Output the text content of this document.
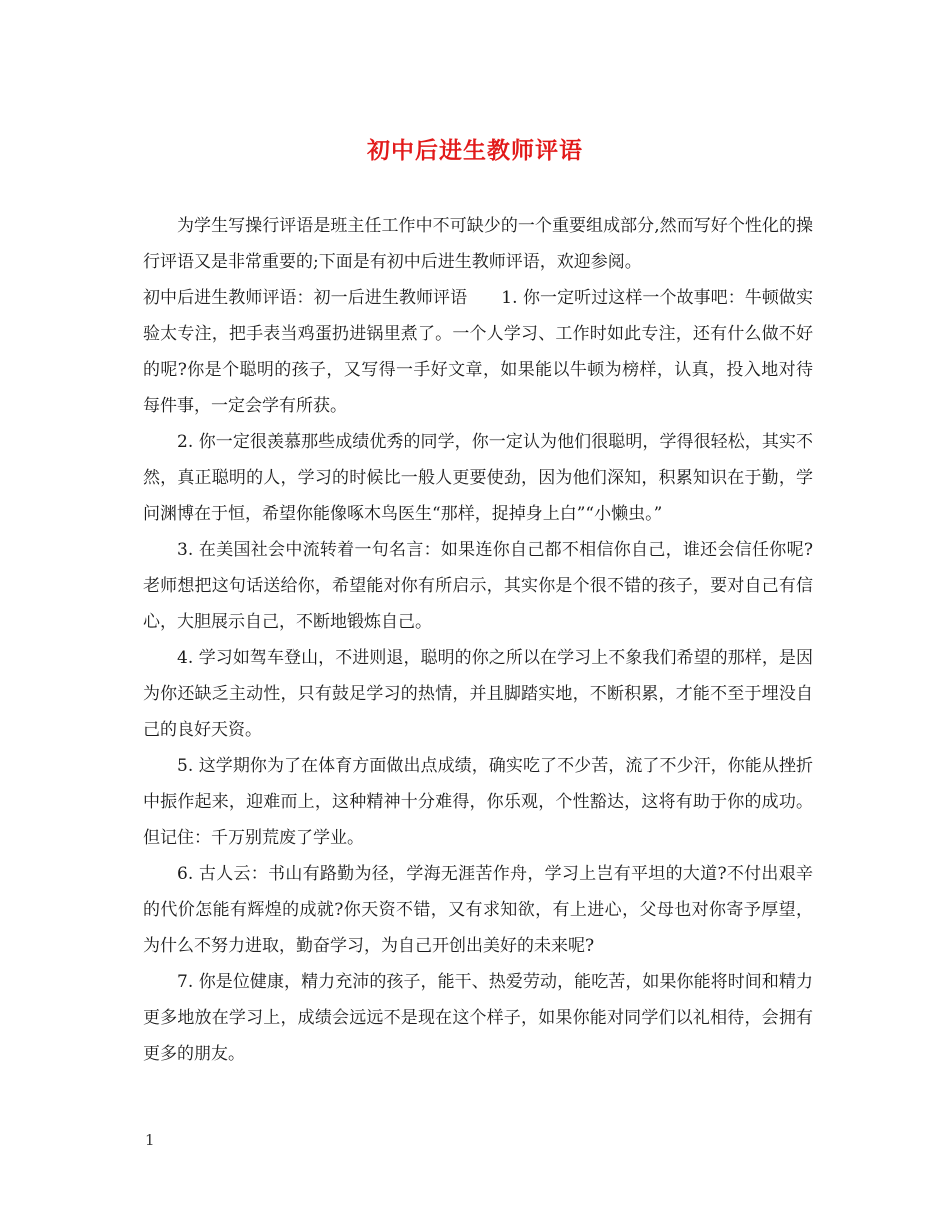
初中后进生教师评语

为学生写操行评语是班主任工作中不可缺少的一个重要组成部分,然而写好个性化的操行评语又是非常重要的;下面是有初中后进生教师评语，欢迎参阅。

初中后进生教师评语：初一后进生教师评语　　1. 你一定听过这样一个故事吧：牛顿做实验太专注，把手表当鸡蛋扔进锅里煮了。一个人学习、工作时如此专注，还有什么做不好的呢?你是个聪明的孩子，又写得一手好文章，如果能以牛顿为榜样，认真，投入地对待每件事，一定会学有所获。

2. 你一定很羡慕那些成绩优秀的同学，你一定认为他们很聪明，学得很轻松，其实不然，真正聪明的人，学习的时候比一般人更要使劲，因为他们深知，积累知识在于勤，学问渊博在于恒，希望你能像啄木鸟医生“那样，捉掉身上白”“小懒虫。”

3. 在美国社会中流转着一句名言：如果连你自己都不相信你自己，谁还会信任你呢?老师想把这句话送给你，希望能对你有所启示，其实你是个很不错的孩子，要对自己有信心，大胆展示自己，不断地锻炼自己。

4. 学习如驾车登山，不进则退，聪明的你之所以在学习上不象我们希望的那样，是因为你还缺乏主动性，只有鼓足学习的热情，并且脚踏实地，不断积累，才能不至于埋没自己的良好天资。

5. 这学期你为了在体育方面做出点成绩，确实吃了不少苦，流了不少汗，你能从挫折中振作起来，迎难而上，这种精神十分难得，你乐观，个性豁达，这将有助于你的成功。但记住：千万别荒废了学业。

6. 古人云：书山有路勤为径，学海无涯苦作舟，学习上岂有平坦的大道?不付出艰辛的代价怎能有辉煌的成就?你天资不错，又有求知欲，有上进心，父母也对你寄予厚望，为什么不努力进取，勤奋学习，为自己开创出美好的未来呢?

7. 你是位健康，精力充沛的孩子，能干、热爱劳动，能吃苦，如果你能将时间和精力更多地放在学习上，成绩会远远不是现在这个样子，如果你能对同学们以礼相待，会拥有更多的朋友。

1
